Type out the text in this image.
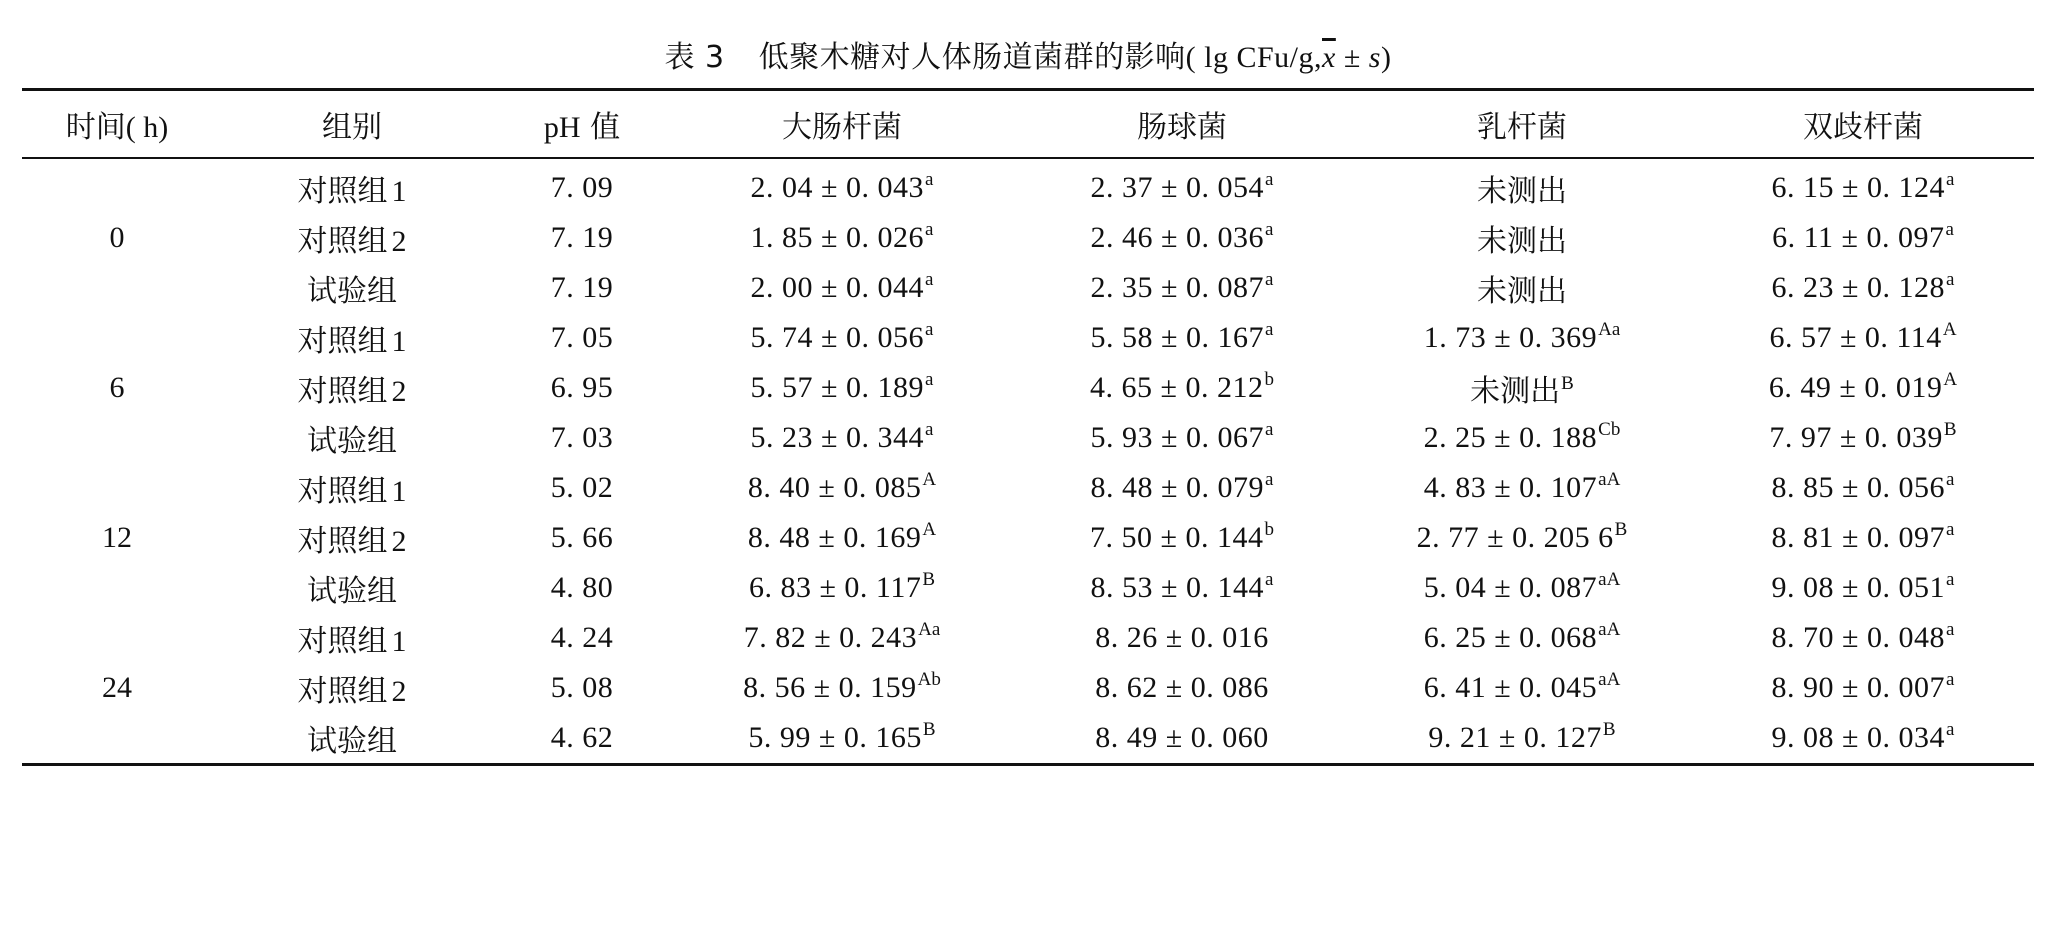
表 3 低聚木糖对人体肠道菌群的影响( lg CFu/$g,\overline{x} \pm s$)
时间( h)	组别	pH 值	大肠杆菌	肠球菌	乳杆菌	双歧杆菌
0	对照组 1	7. 09	2. 04 ± 0. 043$^a$	2. 37 ± 0. 054$^a$	未测出	6. 15 ± 0. 124$^a$
	对照组 2	7. 19	1. 85 ± 0. 026$^a$	2. 46 ± 0. 036$^a$	未测出	6. 11 ± 0. 097$^a$
	试验组	7. 19	2. 00 ± 0. 044$^a$	2. 35 ± 0. 087$^a$	未测出	6. 23 ± 0. 128$^a$
6	对照组 1	7. 05	5. 74 ± 0. 056$^a$	5. 58 ± 0. 167$^a$	1. 73 ± 0. $369^{Aa}$	6. 57 ± 0. $114^A$
	对照组 2	6. 95	5. 57 ± 0. 189$^a$	4. 65 ± 0. 212$^b$	未测出$^B$	6. 49 ± 0. $019^A$
	试验组	7. 03	5. 23 ± 0. 344$^a$	5. 93 ± 0. 067$^a$	2. 25 ± 0. $188^{Cb}$	7. 97 ± 0. $039^B$
12	对照组 1	5. 02	8. 40 ± 0. $085^A$	8. 48 ± 0. 079$^a$	4. 83 ± 0. $107^{aA}$	8. 85 ± 0. 056$^a$
	对照组 2	5. 66	8. 48 ± 0. $169^A$	7. 50 ± 0. 144$^b$	2. 77 ± 0. 205 $6^B$	8. 81 ± 0. 097$^a$
	试验组	4. 80	6. 83 ± 0. $117^B$	8. 53 ± 0. 144$^a$	5. 04 ± 0. $087^{aA}$	9. 08 ± 0. 051$^a$
24	对照组 1	4. 24	7. 82 ± 0. $243^{Aa}$	8. 26 ± 0. 016	6. 25 ± 0. $068^{aA}$	8. 70 ± 0. 048$^a$
	对照组 2	5. 08	8. 56 ± 0. $159^{Ab}$	8. 62 ± 0. 086	6. 41 ± 0. $045^{aA}$	8. 90 ± 0. 007$^a$
	试验组	4. 62	5. 99 ± 0. $165^B$	8. 49 ± 0. 060	9. 21 ± 0. $127^B$	9. 08 ± 0. 034$^a$
